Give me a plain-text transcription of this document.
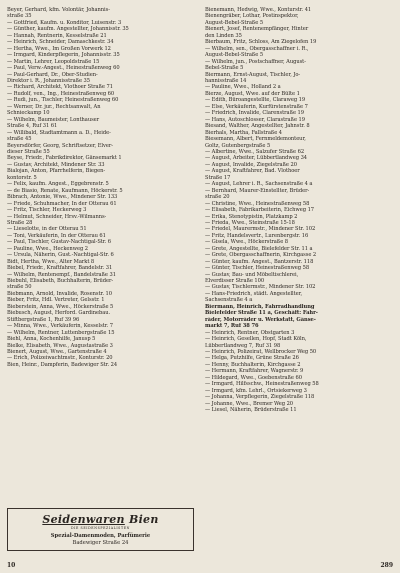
Beyer, Gerhard, kfm. Volontär, Johannis-
straße 35
— Gottfried, Kaufm. u. Konditor, Luisenstr. 3
— Günther, kaufm. Angestellter, Johannisstr. 35
— Hannah, Rentnerin, Kesselstraße 21
— Heinrich, Schneider, Damaschkestr. 34
— Hertha, Wwe., Im Großen Vorwerk 12
— Irmgard, Kinderpflegerin, Johannisstr. 35
— Martin, Lehrer, Leopoldstraße 15
— Paul, Verw.-Angest., Heinestraßenweg 60
— Paul-Gerhard, Dr., Ober-Studien-
Direktor i. R., Johannisstraße 35
— Richard, Architekt, Vlothoer Straße 71
— Rudolf, ven., Ing., Heinestraßenweg 60
— Rudi, jun., Tischler, Heinestraßenweg 60
— Werner, Dr. jur., Rechtsanwalt, An
Schnieckamp 10
— Wilhelm, Baumeister, Lonthauser
Straße 4, Ruf 31 61
— Willibald, Stadtamtmann a. D., Heide-
straße 45
Beyersdörfer, Georg, Schriftsetzer, Elver-
dieser Straße 55
Beyse, Friedr., Fabrikdirektor, Gänsemarkt 1
— Gustav, Architekt, Mindener Str. 33
Bialojan, Anton, Pfarrhelferin, Biegen-
kontorstr. 5
— Felix, kaufm. Angest., Eggebrenstr. 5
— de Biasio, Renate, Kaufmann, Höckerstr. 5
Bibrach, Antonie, Wwe., Mindener Str. 133
— Friede, Schuhmacher, In der Otterau 61
— Fritz, Tischler, Heckerweg 3
— Helmut, Schneider, Hrsv.-Wilmanns-
Straße 28
— Lieselotte, in der Otterau 51
— Toni, Verkäuferin, In der Otterau 61
— Paul, Tischler, Gustav-Nachtigal-Str. 6
— Pauline, Wwe., Heckenweg 2
— Ursula, Näherin, Gust.-Nachtigal-Str. 6
Bidt, Hertha, Wwe., Alter Markt 8
Biebel, Friedr., Kraftfahrer, Bandelstr. 31
— Wilhelm, Rentenempf., Bandelstraße 31
Biebuhl, Elisabeth, Buchhalterin, Brüder-
straße 50
Biebmann, Arnold, Invalide, Rosenstr. 10
Bieber, Fritz, Hdl. Vertreter, Gelsstr. 1
Bieberstein, Anna, Wwe., Höckerstraße 5
Biebusch, August, Herford. Gardinebau.
Stiftbergstraße 1, Ruf 39 96
— Minna, Wwe., Verkäuferin, Kesselstr. 7
— Wilhelm, Rentner, Luttenbergstraße 15
Biehl, Anna, Kochenhilfe, Janusp 5
Bielke, Elisabeth, Wwe., Augustastraße 3
Bienert, August, Wwe., Gartenstraße 4
— Erich, Polizeiwachtmstr., Konturstr. 20
Bien, Heinr., Dampferin, Badewiger Str. 24
Bienemann, Hedwig, Wwe., Konturstr. 41
Bienengräber, Lothar, Postinspektor,
August-Bebel-Straße 5
Bienert, Josef, Rentenempfänger, Hinter
den Linden 35
Bierbaum, Fritz, Schloss, Am Ziegelofen 19
— Wilhelm, sen., Obergasschaffner i. R.,
August-Bebel-Straße 5
— Wilhelm, jun., Postschaffner, August-
Bebel-Straße 5
Biermann, Ernst-August, Tischler, Jo-
hannisstraße 14
— Pauline, Wwe., Holland 2 a
Bierze, August, Wwe. auf der Bülte 1
— Edith, Büroangestellte, Claraweg 19
— Else, Verkäuferin, Kurfürstenstraße 7
— Friedrich, Invalide, Clarenstraße 19
— Hans, Autoschlosser, Clarastraße 19
Biesand, Walther, Angestellter, Jahnstr. 8
Bierhals, Martha, Fallstraße 4
Biesemann, Albert, Fernmeldemonteur,
Goltz, Gutenbergstraße 5
— Albertine, Wwe., Salzufer Straße 62
— August, Arbeiter, Lübbertlandweg 34
— August, Invalide, Ziegelstraße 20
— August, Kraftfahrer, Bad. Vlothoer
Straße 17
— August, Lehrer i. R., Sachsenstraße 4 a
— Bernhard, Maurer-Einstellter, Brüder-
straße 20
— Christine, Wwe., Heinestraßenweg 58
— Elisabeth, Fabrikarbeiterin, Eichweg 17
— Erika, Stenotypistin, Platzkamp 2
— Frieda, Wwe., Steinstraße 15-18
— Friedel, Maurermstr., Mindener Str. 102
— Fritz, Handelsvertr., Lurenbergstr. 16
— Gisela, Wwe., Höckerstraße 8
— Grete, Angestellte, Bielefelder Str. 11 a
— Grete, Obergasschaffnerin, Kirchgasse 2
— Günter, kaufm. Angest., Bantzerstr. 118
— Günter, Tischler, Heinestraßenweg 58
— Gustav, Bau- und Möbeltischlerei,
Elverdisser Straße 100
— Gustav, Tischlermstr., Mindener Str. 102
— Hans-Friedrich, städt. Angestellter,
Sachsenstraße 4 a
Biermann, Heinrich, Fahrradhandlung
Bielefelder Straße 11 a, Geschäft: Fahr-
räder, Motorräder u. Werkstatt, Gänse-
markt 7, Ruf 38 76
— Heinrich, Rentner, Obstgarten 3
— Heinrich, Gesellen, Hopf, Stadt Köln,
Lübbertlandweg 7, Ruf 31 98
— Heinrich, Polizeirat, Wellbrocker Weg 50
— Helga, Putzhilfe, Grüne Straße 26
— Henny, Buchhalterin, Kirchgasse 2
— Hermann, Kraftfahrer, Wagnerstr. 9
— Hildegard, Wwe., Goebenstraße 60
— Irmgard, Hilfsschw., Heinestraßenweg 58
— Irmgard, kfm. Lehrl., Ortsiekerweg 3
— Johanna, Verpflegerin, Ziegelstraße 118
— Johanne, Wwe., Bremer Weg 20
— Liesel, Näherin, Brüderstraße 11
Seidenwaren Bien
DIE SEIDENSPEZIALISTEN
Spezial-Damenmoden, Parfümerie
Badewiger Straße 24
10	289
